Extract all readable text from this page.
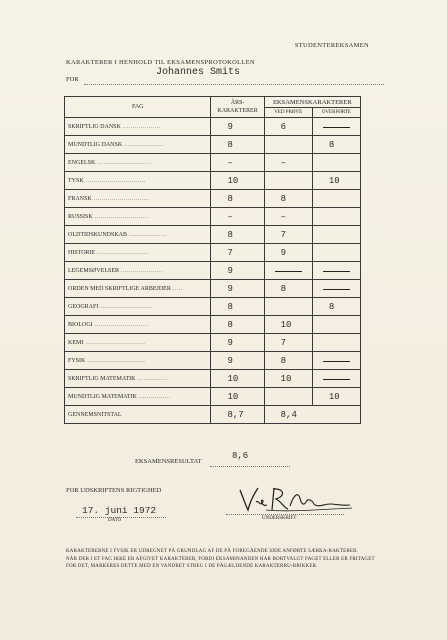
STUDENTEREKSAMEN
KARAKTERER I HENHOLD TIL EKSAMENSPROTOKOLLEN
FOR
Johannes Smits
FAG	ÅRS-
KARAKTERER	EKSAMENSKARAKTERER	
		VED PRØVE	OVERFØRTE
SKRIFTLIG DANSK ...................	9	6	

MUNDTLIG DANSK ....................	8		8
ENGELSK ...........................	–	–	
TYSK ..............................	10		10
FRANSK ............................	8	8	
RUSSISK ...........................	–	–	
OLDTIDSKUNDSKAB ...................	8	7	
HISTORIE ..........................	7	9	
LEGEMSØVELSER .....................	9	

ORDEN MED SKRIFTLIGE ARBEJDER .....	9	8	

GEOGRAFI ..........................	8		8
BIOLOGI ...........................	8	10	
KEMI ..............................	9	7	
FYSIK .............................	9	8	

SKRIFTLIG MATEMATIK ...............	10	10	

MUNDTLIG MATEMATIK ................	10		10
GENNEMSNITSTAL	8,7	8,4	
EKSAMENSRESULTAT
8,6
FOR UDSKRIFTENS RIGTIGHED
17. juni 1972
DATO	UNDERSKRIFT

KARAKTERERNE I FYSIK ER UDREGNET PÅ GRUNDLAG AF DE PÅ FOREGÅENDE SIDE ANFØRTE SÆRKA-RAKTERER.

NÅR DER I ET FAG IKKE ER AFGIVET KARAKTERER, FORDI EKSAMINANDEN HAR BORTVALGT FAGET ELLER ER FRITAGET FOR DET, MARKERES DETTE MED EN VANDRET STREG I DE PÅGÆLDENDE KARAKTERRU-BRIKKER.
